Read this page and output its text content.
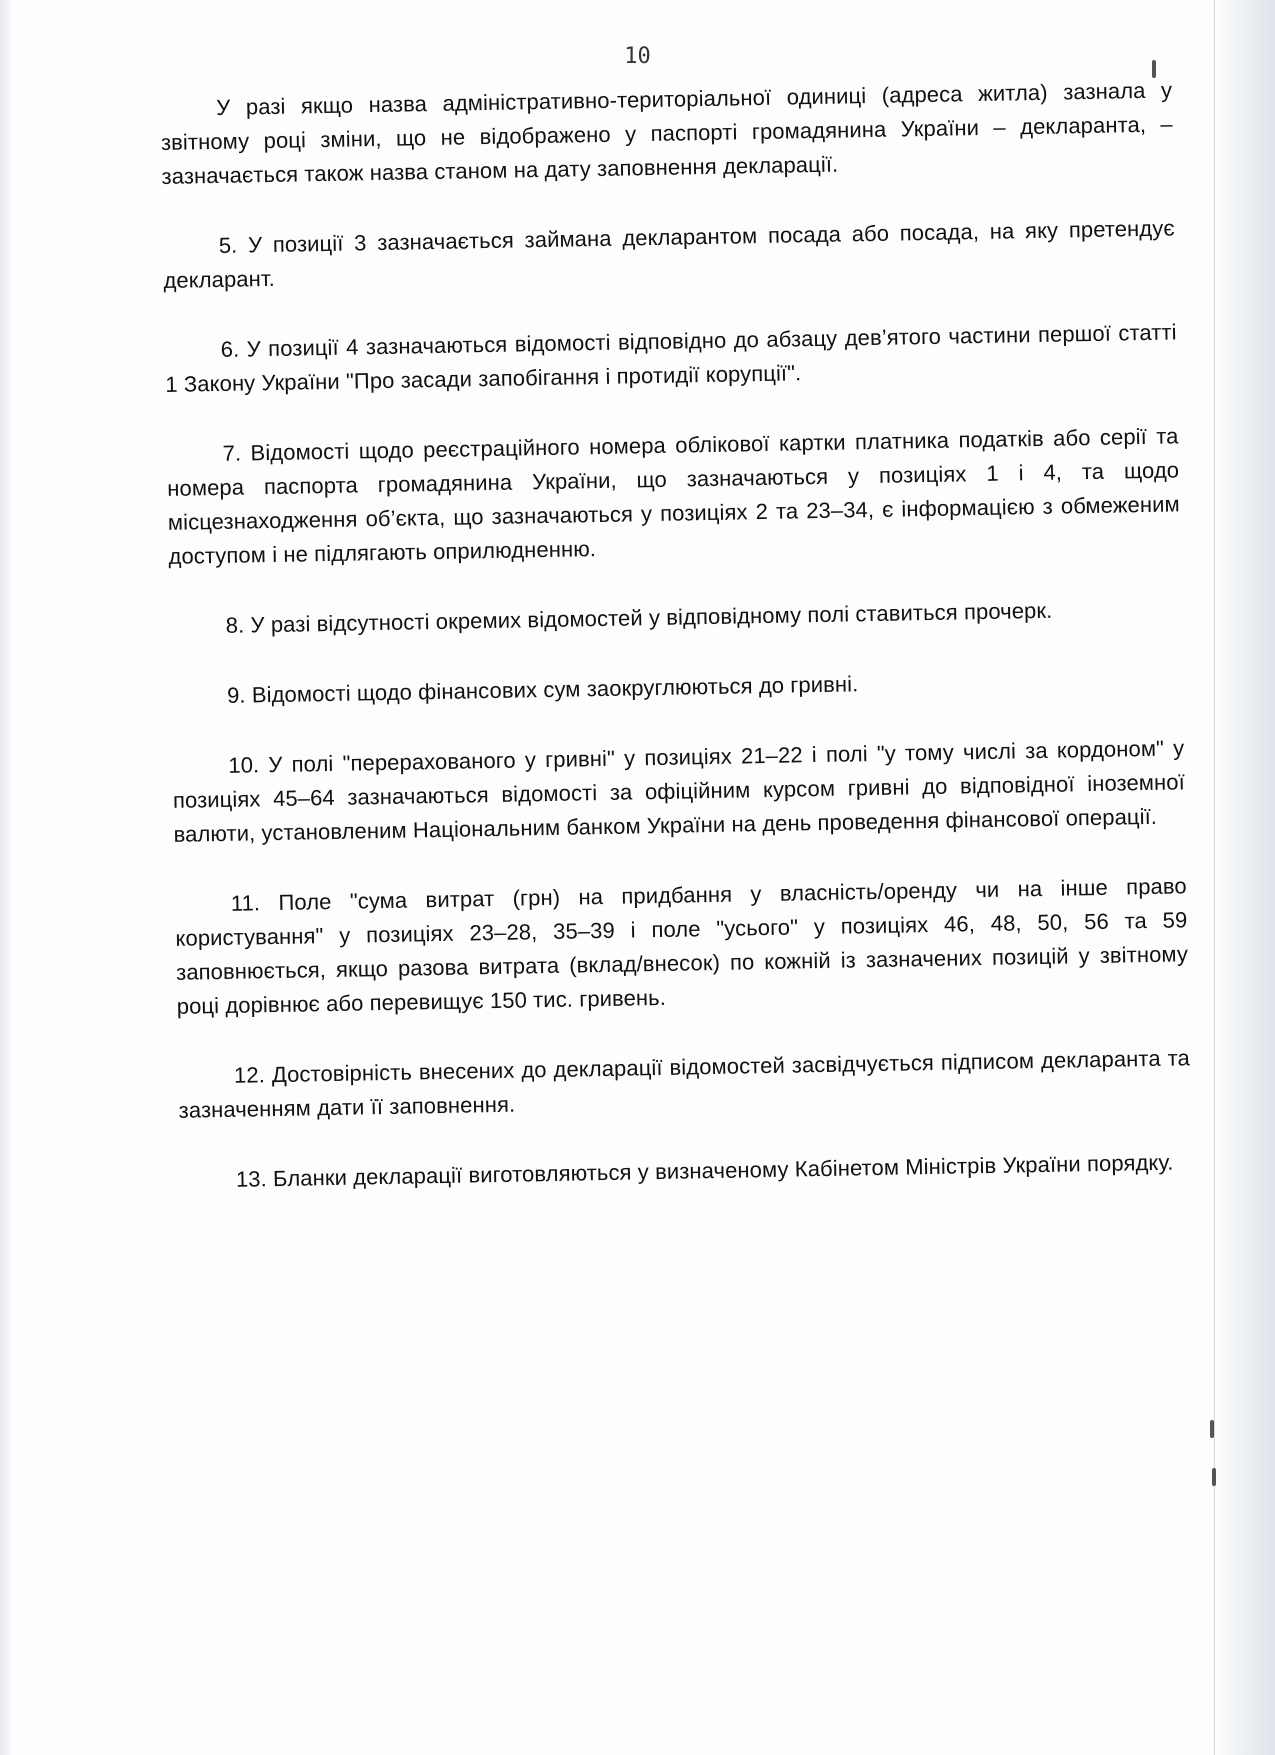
10

У разі якщо назва адміністративно-територіальної одиниці (адреса житла) зазнала у звітному році зміни, що не відображено у паспорті громадянина України – декларанта, – зазначається також назва станом на дату заповнення декларації.

5. У позиції 3 зазначається займана декларантом посада або посада, на яку претендує декларант.

6. У позиції 4 зазначаються відомості відповідно до абзацу дев’ятого частини першої статті 1 Закону України "Про засади запобігання і протидії корупції".

7. Відомості щодо реєстраційного номера облікової картки платника податків або серії та номера паспорта громадянина України, що зазначаються у позиціях 1 і 4, та щодо місцезнаходження об’єкта, що зазначаються у позиціях 2 та 23–34, є інформацією з обмеженим доступом і не підлягають оприлюдненню.

8. У разі відсутності окремих відомостей у відповідному полі ставиться прочерк.

9. Відомості щодо фінансових сум заокруглюються до гривні.

10. У полі "перерахованого у гривні" у позиціях 21–22 і полі "у тому числі за кордоном" у позиціях 45–64 зазначаються відомості за офіційним курсом гривні до відповідної іноземної валюти, установленим Національним банком України на день проведення фінансової операції.

11. Поле "сума витрат (грн) на придбання у власність/оренду чи на інше право користування" у позиціях 23–28, 35–39 і поле "усього" у позиціях 46, 48, 50, 56 та 59 заповнюється, якщо разова витрата (вклад/внесок) по кожній із зазначених позицій у звітному році дорівнює або перевищує 150 тис. гривень.

12. Достовірність внесених до декларації відомостей засвідчується підписом декларанта та зазначенням дати її заповнення.

13. Бланки декларації виготовляються у визначеному Кабінетом Міністрів України порядку.
